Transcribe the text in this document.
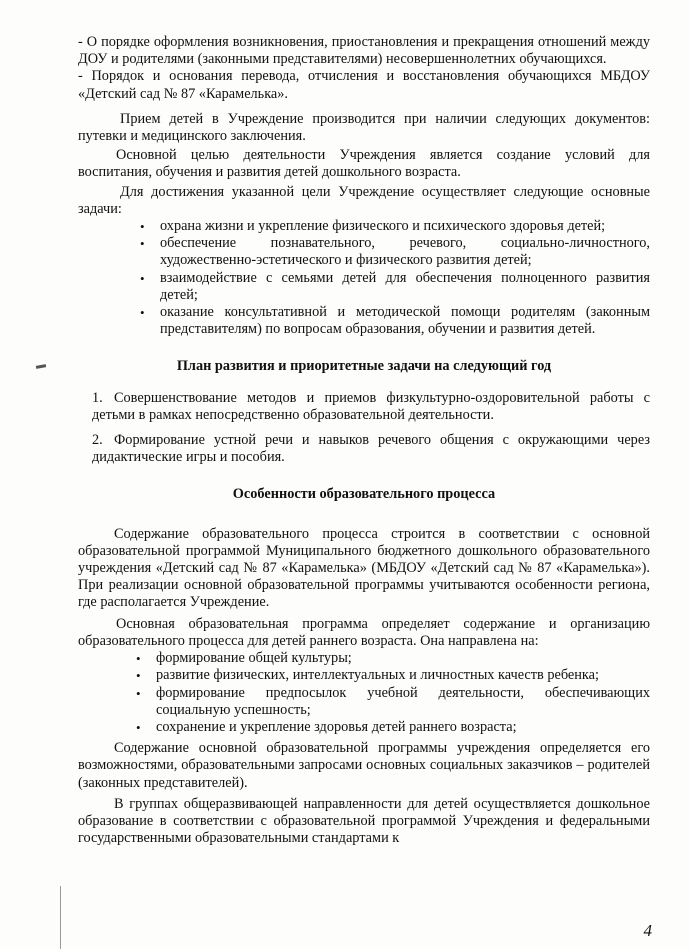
- О порядке оформления возникновения, приостановления и прекращения отношений между ДОУ и родителями (законными представителями) несовершеннолетних обучающихся.

- Порядок и основания перевода, отчисления и восстановления обучающихся МБДОУ «Детский сад № 87 «Карамелька».

Прием детей в Учреждение производится при наличии следующих документов: путевки и медицинского заключения.

Основной целью деятельности Учреждения является создание условий для воспитания, обучения и развития детей дошкольного возраста.

Для достижения указанной цели Учреждение осуществляет следующие основные задачи:

• охрана жизни и укрепление физического и психического здоровья детей;
• обеспечение познавательного, речевого, социально-личностного, художественно-эстетического и физического развития детей;
• взаимодействие с семьями детей для обеспечения полноценного развития детей;
• оказание консультативной и методической помощи родителям (законным представителям) по вопросам образования, обучении и развития детей.

План развития и приоритетные задачи на следующий год

1. Совершенствование методов и приемов физкультурно-оздоровительной работы с детьми в рамках непосредственно образовательной деятельности.
2. Формирование устной речи и навыков речевого общения с окружающими через дидактические игры и пособия.

Особенности образовательного процесса

Содержание образовательного процесса строится в соответствии с основной образовательной программой Муниципального бюджетного дошкольного образовательного учреждения «Детский сад № 87 «Карамелька» (МБДОУ «Детский сад № 87 «Карамелька»). При реализации основной образовательной программы учитываются особенности региона, где располагается Учреждение.

Основная образовательная программа определяет содержание и организацию образовательного процесса для детей раннего возраста. Она направлена на:

• формирование общей культуры;
• развитие физических, интеллектуальных и личностных качеств ребенка;
• формирование предпосылок учебной деятельности, обеспечивающих социальную успешность;
• сохранение и укрепление здоровья детей раннего возраста;

Содержание основной образовательной программы учреждения определяется его возможностями, образовательными запросами основных социальных заказчиков – родителей (законных представителей).

В группах общеразвивающей направленности для детей осуществляется дошкольное образование в соответствии с образовательной программой Учреждения и федеральными государственными образовательными стандартами к

4
